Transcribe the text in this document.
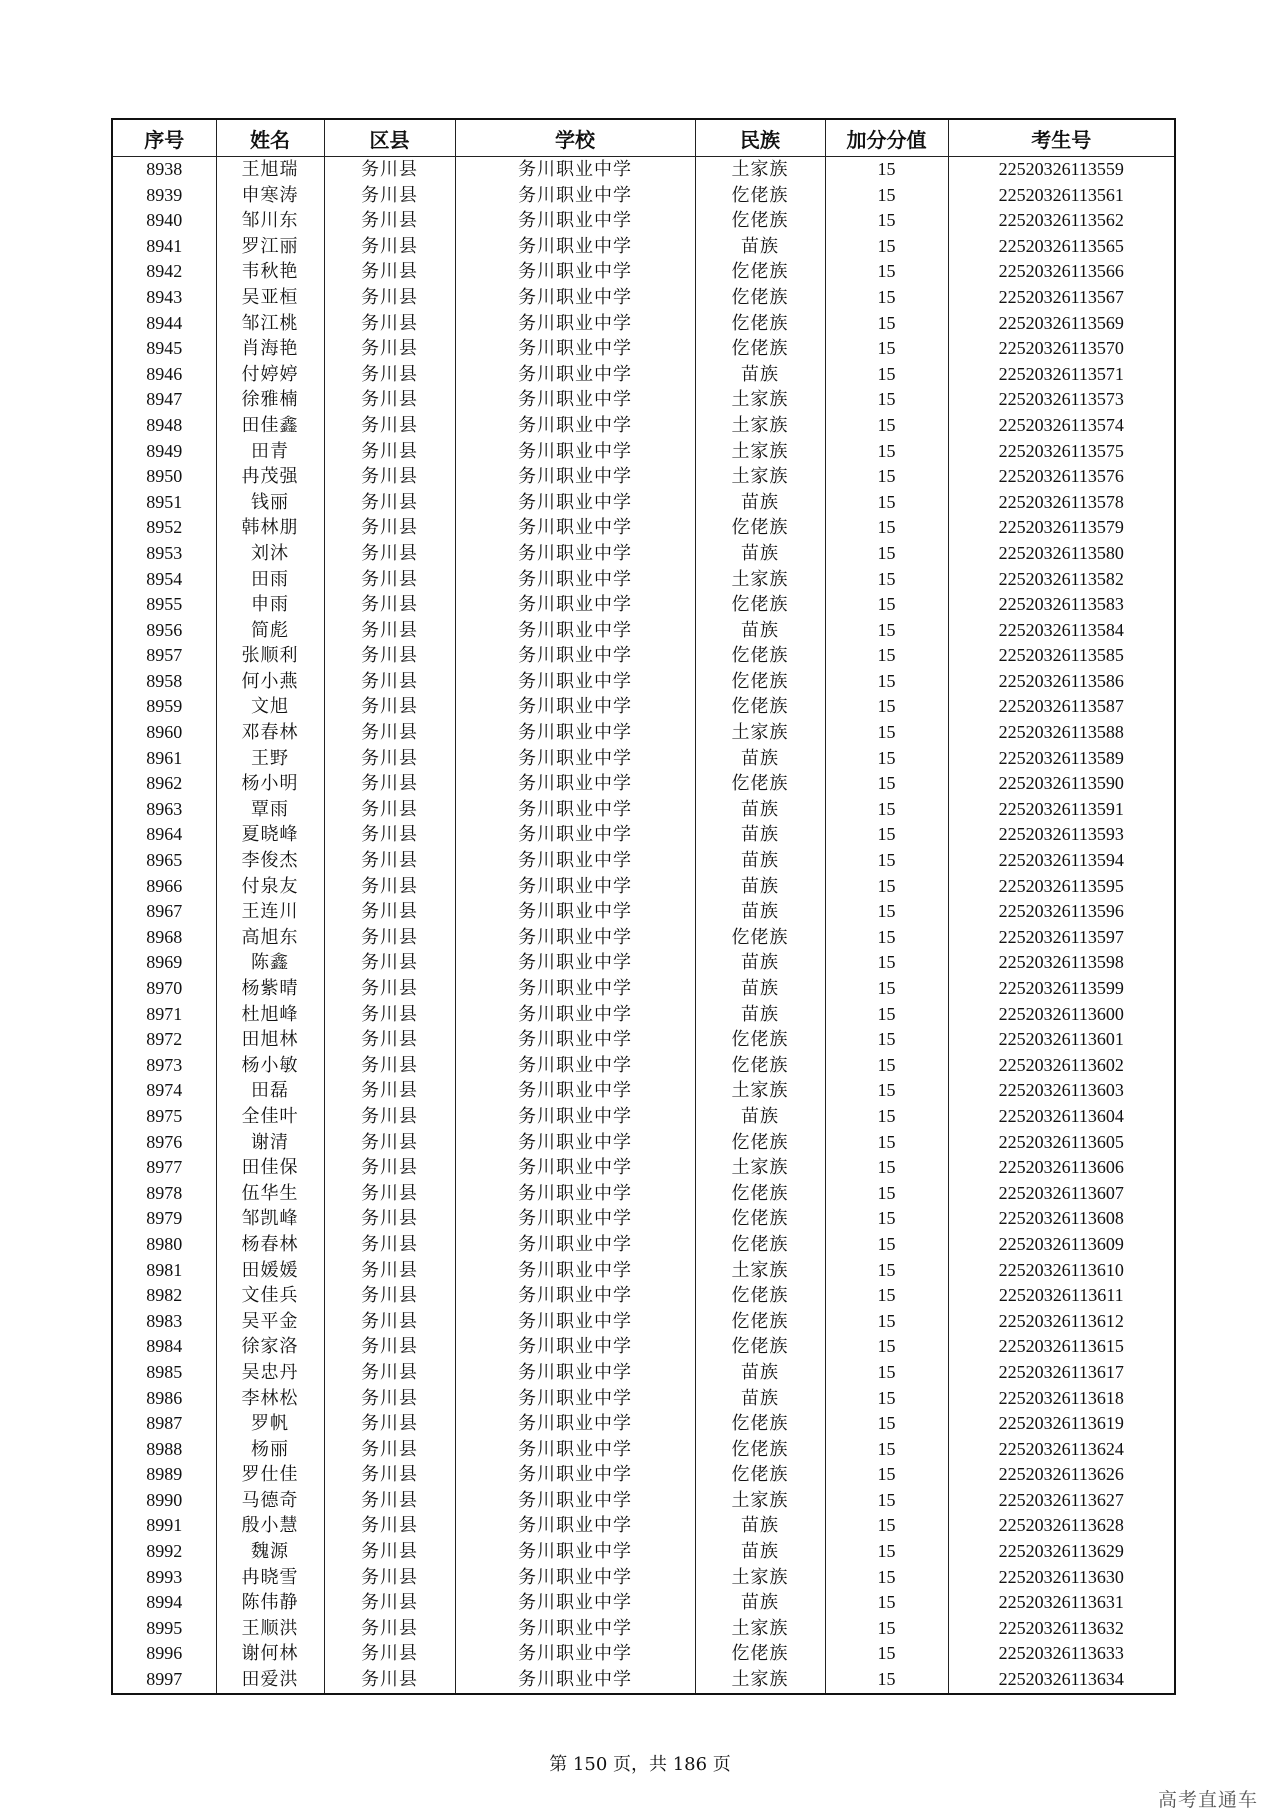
序号	姓名	区县	学校	民族	加分分值	考生号
8938	王旭瑞	务川县	务川职业中学	土家族	15	22520326113559
8939	申寒涛	务川县	务川职业中学	仡佬族	15	22520326113561
8940	邹川东	务川县	务川职业中学	仡佬族	15	22520326113562
8941	罗江丽	务川县	务川职业中学	苗族	15	22520326113565
8942	韦秋艳	务川县	务川职业中学	仡佬族	15	22520326113566
8943	吴亚桓	务川县	务川职业中学	仡佬族	15	22520326113567
8944	邹江桃	务川县	务川职业中学	仡佬族	15	22520326113569
8945	肖海艳	务川县	务川职业中学	仡佬族	15	22520326113570
8946	付婷婷	务川县	务川职业中学	苗族	15	22520326113571
8947	徐雅楠	务川县	务川职业中学	土家族	15	22520326113573
8948	田佳鑫	务川县	务川职业中学	土家族	15	22520326113574
8949	田青	务川县	务川职业中学	土家族	15	22520326113575
8950	冉茂强	务川县	务川职业中学	土家族	15	22520326113576
8951	钱丽	务川县	务川职业中学	苗族	15	22520326113578
8952	韩林朋	务川县	务川职业中学	仡佬族	15	22520326113579
8953	刘沐	务川县	务川职业中学	苗族	15	22520326113580
8954	田雨	务川县	务川职业中学	土家族	15	22520326113582
8955	申雨	务川县	务川职业中学	仡佬族	15	22520326113583
8956	简彪	务川县	务川职业中学	苗族	15	22520326113584
8957	张顺利	务川县	务川职业中学	仡佬族	15	22520326113585
8958	何小燕	务川县	务川职业中学	仡佬族	15	22520326113586
8959	文旭	务川县	务川职业中学	仡佬族	15	22520326113587
8960	邓春林	务川县	务川职业中学	土家族	15	22520326113588
8961	王野	务川县	务川职业中学	苗族	15	22520326113589
8962	杨小明	务川县	务川职业中学	仡佬族	15	22520326113590
8963	覃雨	务川县	务川职业中学	苗族	15	22520326113591
8964	夏晓峰	务川县	务川职业中学	苗族	15	22520326113593
8965	李俊杰	务川县	务川职业中学	苗族	15	22520326113594
8966	付泉友	务川县	务川职业中学	苗族	15	22520326113595
8967	王连川	务川县	务川职业中学	苗族	15	22520326113596
8968	高旭东	务川县	务川职业中学	仡佬族	15	22520326113597
8969	陈鑫	务川县	务川职业中学	苗族	15	22520326113598
8970	杨紫晴	务川县	务川职业中学	苗族	15	22520326113599
8971	杜旭峰	务川县	务川职业中学	苗族	15	22520326113600
8972	田旭林	务川县	务川职业中学	仡佬族	15	22520326113601
8973	杨小敏	务川县	务川职业中学	仡佬族	15	22520326113602
8974	田磊	务川县	务川职业中学	土家族	15	22520326113603
8975	全佳叶	务川县	务川职业中学	苗族	15	22520326113604
8976	谢清	务川县	务川职业中学	仡佬族	15	22520326113605
8977	田佳保	务川县	务川职业中学	土家族	15	22520326113606
8978	伍华生	务川县	务川职业中学	仡佬族	15	22520326113607
8979	邹凯峰	务川县	务川职业中学	仡佬族	15	22520326113608
8980	杨春林	务川县	务川职业中学	仡佬族	15	22520326113609
8981	田媛媛	务川县	务川职业中学	土家族	15	22520326113610
8982	文佳兵	务川县	务川职业中学	仡佬族	15	22520326113611
8983	吴平金	务川县	务川职业中学	仡佬族	15	22520326113612
8984	徐家洛	务川县	务川职业中学	仡佬族	15	22520326113615
8985	吴忠丹	务川县	务川职业中学	苗族	15	22520326113617
8986	李林松	务川县	务川职业中学	苗族	15	22520326113618
8987	罗帆	务川县	务川职业中学	仡佬族	15	22520326113619
8988	杨丽	务川县	务川职业中学	仡佬族	15	22520326113624
8989	罗仕佳	务川县	务川职业中学	仡佬族	15	22520326113626
8990	马德奇	务川县	务川职业中学	土家族	15	22520326113627
8991	殷小慧	务川县	务川职业中学	苗族	15	22520326113628
8992	魏源	务川县	务川职业中学	苗族	15	22520326113629
8993	冉晓雪	务川县	务川职业中学	土家族	15	22520326113630
8994	陈伟静	务川县	务川职业中学	苗族	15	22520326113631
8995	王顺洪	务川县	务川职业中学	土家族	15	22520326113632
8996	谢何林	务川县	务川职业中学	仡佬族	15	22520326113633
8997	田爱洪	务川县	务川职业中学	土家族	15	22520326113634
第 150 页，共 186 页
高考直通车
